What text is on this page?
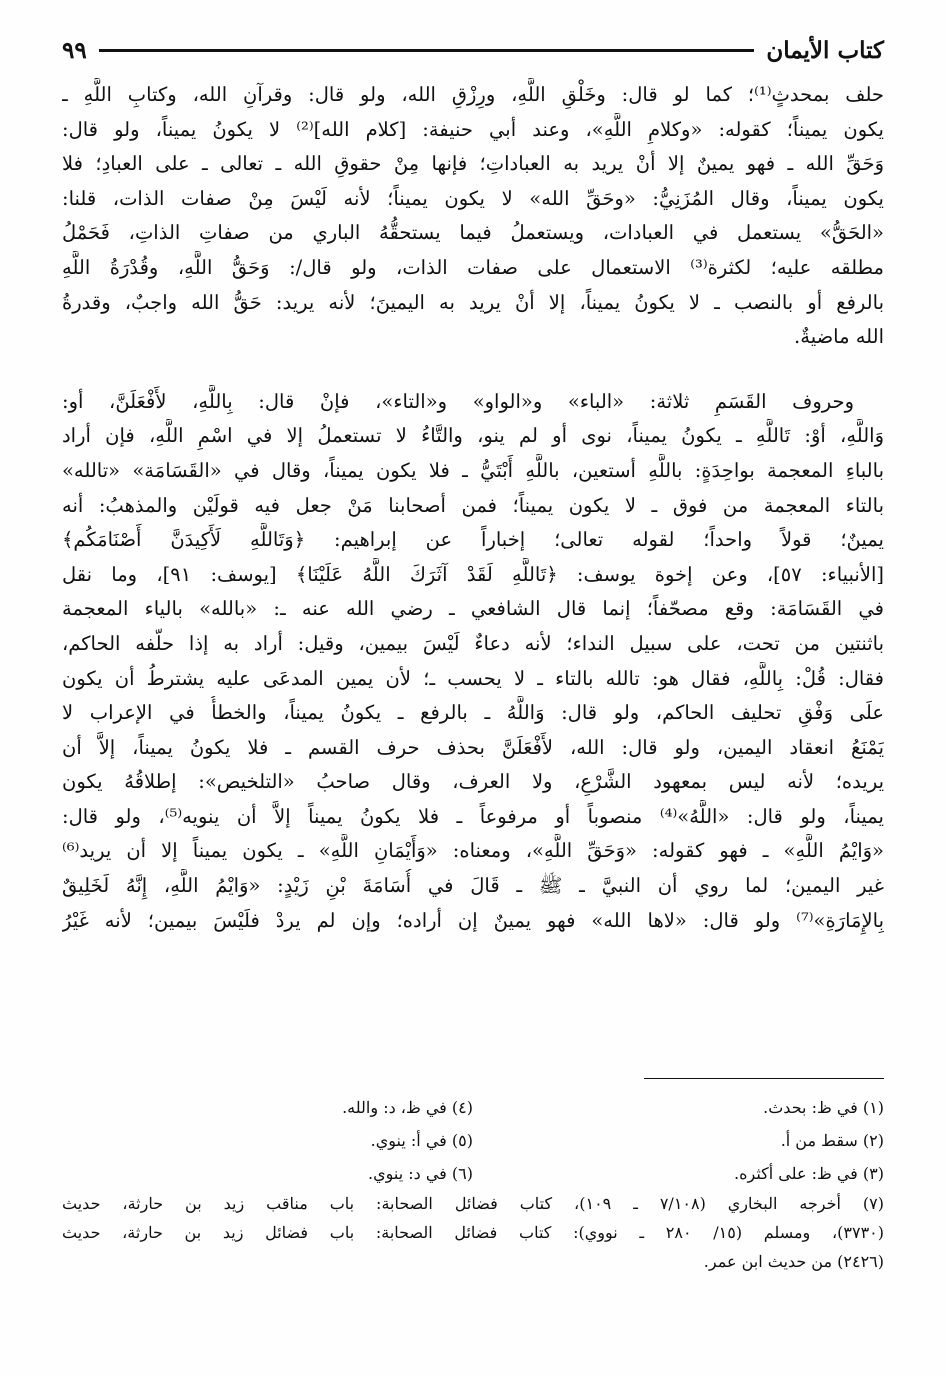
كتاب الأيمان
٩٩
حلف بمحدثٍ⁽¹⁾؛ كما لو قال: وخَلْقِ اللَّهِ، ورِزْقِ الله، ولو قال: وقرآنِ الله، وكتابِ اللَّهِ ـ
يكون يميناً؛ كقوله: «وكلامِ اللَّهِ»، وعند أبي حنيفة: [كلام الله]⁽²⁾ لا يكونُ يميناً، ولو قال:
وَحَقِّ الله ـ فهو يمينٌ إلا أنْ يريد به العباداتِ؛ فإنها مِنْ حقوقِ الله ـ تعالى ـ على العبادِ؛ فلا
يكون يميناً، وقال المُزَنِيُّ: «وحَقِّ الله» لا يكون يميناً؛ لأنه لَيْسَ مِنْ صفات الذات، قلنا:
«الحَقُّ» يستعمل في العبادات، ويستعملُ فيما يستحقُّهُ الباري من صفاتِ الذاتِ، فَحَمْلُ
مطلقه عليه؛ لكثرة⁽³⁾ الاستعمال على صفات الذات، ولو قال/: وَحَقُّ اللَّهِ، وقُدْرَةُ اللَّهِ
بالرفع أو بالنصب ـ لا يكونُ يميناً، إلا أنْ يريد به اليمينَ؛ لأنه يريد: حَقُّ الله واجبٌ، وقدرةُ
الله ماضيةٌ.
وحروف القَسَمِ ثلاثة: «الباء» و«الواو» و«التاء»، فإنْ قال: بِاللَّهِ، لأَفْعَلَنَّ، أو:
وَاللَّهِ، أوْ: تَاللَّهِ ـ يكونُ يميناً، نوى أو لم ينو، والتَّاءُ لا تستعملُ إلا في اسْمِ اللَّهِ، فإن أراد
بالباءِ المعجمة بواحِدَةٍ: باللَّهِ أستعين، باللَّهِ أَبْتَيُّ ـ فلا يكون يميناً، وقال في «القَسَامَة» «تالله»
بالتاء المعجمة من فوق ـ لا يكون يميناً؛ فمن أصحابنا مَنْ جعل فيه قولَيْن والمذهبُ: أنه
يمينٌ؛ قولاً واحداً؛ لقوله تعالى؛ إخباراً عن إبراهيم: ﴿وَتَاللَّهِ لَأَكِيدَنَّ أَصْنَامَكُم﴾
[الأنبياء: ٥٧]، وعن إخوة يوسف: ﴿تَاللَّهِ لَقَدْ آثَرَكَ اللَّهُ عَلَيْنَا﴾ [يوسف: ٩١]، وما نقل
في القَسَامَة: وقع مصحّفاً؛ إنما قال الشافعي ـ رضي الله عنه ـ: «بالله» بالياء المعجمة
باثنتين من تحت، على سبيل النداء؛ لأنه دعاءٌ لَيْسَ بيمين، وقيل: أراد به إذا حلّفه الحاكم،
فقال: قُلْ: بِاللَّهِ، فقال هو: تالله بالتاء ـ لا يحسب ـ؛ لأن يمين المدعَى عليه يشترطُ أن يكون
علَى وَفْقِ تحليف الحاكم، ولو قال: وَاللَّهُ ـ بالرفع ـ يكونُ يميناً، والخطأُ في الإعراب لا
يَمْنَعُ انعقاد اليمين، ولو قال: الله، لأَفْعَلَنَّ بحذف حرف القسم ـ فلا يكونُ يميناً، إلاَّ أن
يريده؛ لأنه ليس بمعهود الشَّرْعِ، ولا العرف، وقال صاحبُ «التلخيص»: إطلاقُهُ يكون
يميناً، ولو قال: «اللَّهُ»⁽⁴⁾ منصوباً أو مرفوعاً ـ فلا يكونُ يميناً إلاَّ أن ينويه⁽⁵⁾، ولو قال:
«وَايْمُ اللَّهِ» ـ فهو كقوله: «وَحَقِّ اللَّهِ»، ومعناه: «وَأَيْمَانِ اللَّهِ» ـ يكون يميناً إلا أن يريد⁽⁶⁾
غير اليمين؛ لما روي أن النبيَّ ـ ﷺ ـ قَالَ في أُسَامَةَ بْنِ زَيْدٍ: «وَايْمُ اللَّهِ، إِنَّهُ لَخَلِيقٌ
بِالإِمَارَةِ»⁽⁷⁾ ولو قال: «لاها الله» فهو يمينٌ إن أراده؛ وإن لم يردْ فلَيْسَ بيمين؛ لأنه غَيْرُ
(١) في ظ: بحدث.
(٤) في ظ، د: والله.
(٢) سقط من أ.
(٥) في أ: ينوي.
(٣) في ظ: على أكثره.
(٦) في د: ينوي.
(٧) أخرجه البخاري (٧/١٠٨ ـ ١٠٩)، كتاب فضائل الصحابة: باب مناقب زيد بن حارثة، حديث
(٣٧٣٠)، ومسلم (١٥/ ٢٨٠ ـ نووي): كتاب فضائل الصحابة: باب فضائل زيد بن حارثة، حديث
(٢٤٢٦) من حديث ابن عمر.
